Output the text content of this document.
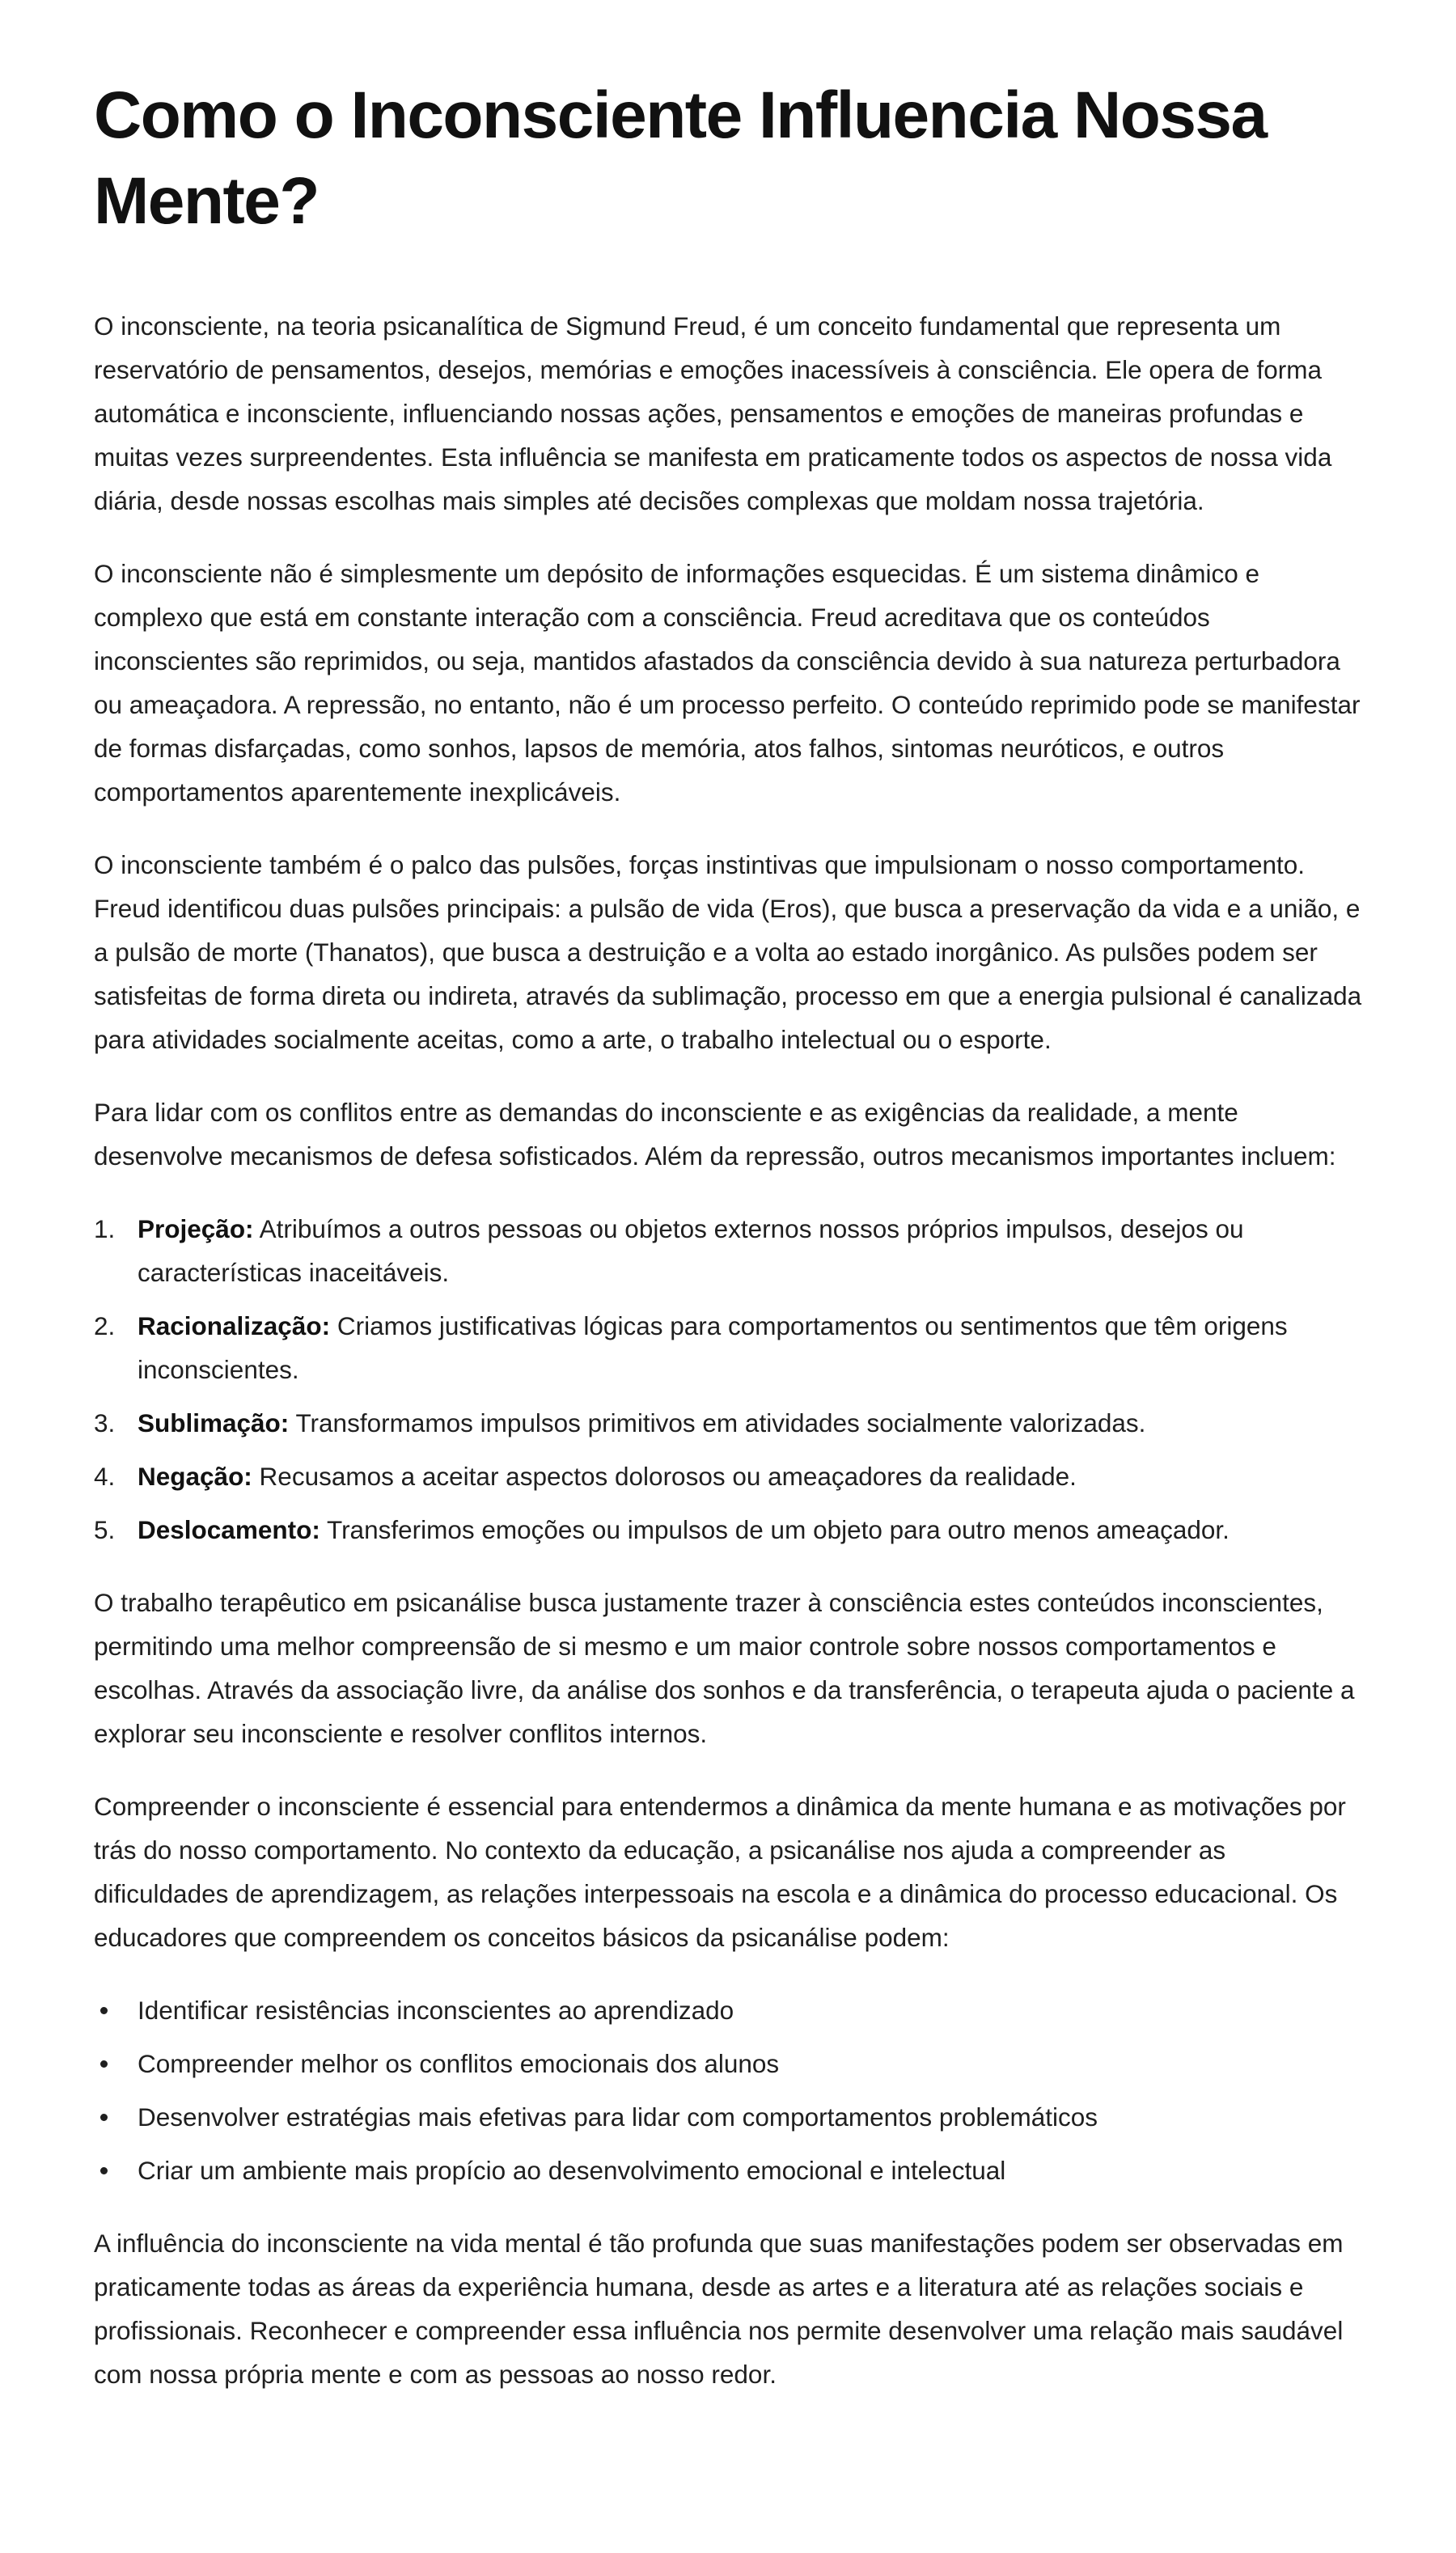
Como o Inconsciente Influencia Nossa Mente?

O inconsciente, na teoria psicanalítica de Sigmund Freud, é um conceito fundamental que representa um reservatório de pensamentos, desejos, memórias e emoções inacessíveis à consciência. Ele opera de forma automática e inconsciente, influenciando nossas ações, pensamentos e emoções de maneiras profundas e muitas vezes surpreendentes. Esta influência se manifesta em praticamente todos os aspectos de nossa vida diária, desde nossas escolhas mais simples até decisões complexas que moldam nossa trajetória.

O inconsciente não é simplesmente um depósito de informações esquecidas. É um sistema dinâmico e complexo que está em constante interação com a consciência. Freud acreditava que os conteúdos inconscientes são reprimidos, ou seja, mantidos afastados da consciência devido à sua natureza perturbadora ou ameaçadora. A repressão, no entanto, não é um processo perfeito. O conteúdo reprimido pode se manifestar de formas disfarçadas, como sonhos, lapsos de memória, atos falhos, sintomas neuróticos, e outros comportamentos aparentemente inexplicáveis.

O inconsciente também é o palco das pulsões, forças instintivas que impulsionam o nosso comportamento. Freud identificou duas pulsões principais: a pulsão de vida (Eros), que busca a preservação da vida e a união, e a pulsão de morte (Thanatos), que busca a destruição e a volta ao estado inorgânico. As pulsões podem ser satisfeitas de forma direta ou indireta, através da sublimação, processo em que a energia pulsional é canalizada para atividades socialmente aceitas, como a arte, o trabalho intelectual ou o esporte.

Para lidar com os conflitos entre as demandas do inconsciente e as exigências da realidade, a mente desenvolve mecanismos de defesa sofisticados. Além da repressão, outros mecanismos importantes incluem:

1. Projeção: Atribuímos a outros pessoas ou objetos externos nossos próprios impulsos, desejos ou características inaceitáveis.
2. Racionalização: Criamos justificativas lógicas para comportamentos ou sentimentos que têm origens inconscientes.
3. Sublimação: Transformamos impulsos primitivos em atividades socialmente valorizadas.
4. Negação: Recusamos a aceitar aspectos dolorosos ou ameaçadores da realidade.
5. Deslocamento: Transferimos emoções ou impulsos de um objeto para outro menos ameaçador.

O trabalho terapêutico em psicanálise busca justamente trazer à consciência estes conteúdos inconscientes, permitindo uma melhor compreensão de si mesmo e um maior controle sobre nossos comportamentos e escolhas. Através da associação livre, da análise dos sonhos e da transferência, o terapeuta ajuda o paciente a explorar seu inconsciente e resolver conflitos internos.

Compreender o inconsciente é essencial para entendermos a dinâmica da mente humana e as motivações por trás do nosso comportamento. No contexto da educação, a psicanálise nos ajuda a compreender as dificuldades de aprendizagem, as relações interpessoais na escola e a dinâmica do processo educacional. Os educadores que compreendem os conceitos básicos da psicanálise podem:

Identificar resistências inconscientes ao aprendizado
Compreender melhor os conflitos emocionais dos alunos
Desenvolver estratégias mais efetivas para lidar com comportamentos problemáticos
Criar um ambiente mais propício ao desenvolvimento emocional e intelectual

A influência do inconsciente na vida mental é tão profunda que suas manifestações podem ser observadas em praticamente todas as áreas da experiência humana, desde as artes e a literatura até as relações sociais e profissionais. Reconhecer e compreender essa influência nos permite desenvolver uma relação mais saudável com nossa própria mente e com as pessoas ao nosso redor.
